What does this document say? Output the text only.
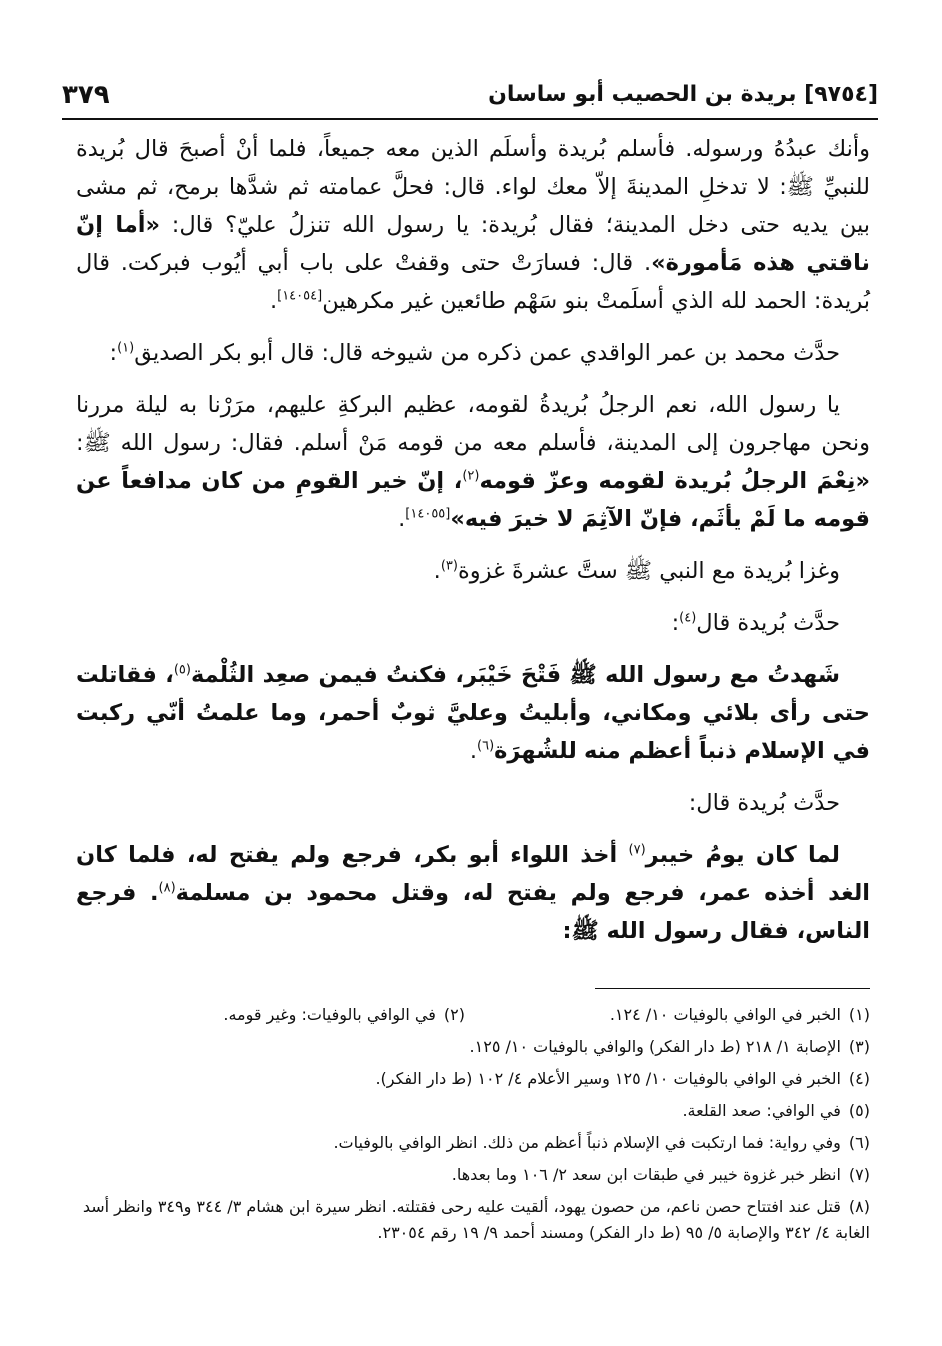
٣٧٩	[٩٧٥٤] بريدة بن الحصيب أبو ساسان

وأنك عبدُهُ ورسوله. فأسلم بُريدة وأسلَم الذين معه جميعاً، فلما أنْ أصبحَ قال بُريدة للنبيِّ ﷺ: لا تدخلِ المدينةَ إلاّ معك لواء. قال: فحلَّ عمامته ثم شدَّها برمح، ثم مشى بين يديه حتى دخل المدينة؛ فقال بُريدة: يا رسول الله تنزلُ عليّ؟ قال: «أما إنّ ناقتي هذه مَأمورة». قال: فسارَتْ حتى وقفتْ على باب أبي أيُوب فبركت. قال بُريدة: الحمد لله الذي أسلَمتْ بنو سَهْم طائعين غير مكرهين[١٤٠٥٤].

حدَّث محمد بن عمر الواقدي عمن ذكره من شيوخه قال: قال أبو بكر الصديق$^{(١)}$:

يا رسول الله، نعم الرجلُ بُريدةُ لقومه، عظيم البركةِ عليهم، مرَرْنا به ليلة مررنا ونحن مهاجرون إلى المدينة، فأسلم معه من قومه مَنْ أسلم. فقال: رسول الله ﷺ: «نِعْمَ الرجلُ بُريدة لقومه وعزّ قومه$^{(٢)}$، إنّ خير القومِ من كان مدافعاً عن قومه ما لَمْ يأثَم، فإنّ الآثِمَ لا خيرَ فيه»[١٤٠٥٥].

وغزا بُريدة مع النبي ﷺ ستَّ عشرةَ غزوة$^{(٣)}$.

حدَّث بُريدة قال$^{(٤)}$:

شَهدتُ مع رسول الله ﷺ فَتْحَ خَيْبَر، فكنتُ فيمن صعِد الثُلْمة$^{(٥)}$، فقاتلت حتى رأى بلائي ومكاني، وأبليتُ وعليَّ ثوبٌ أحمر، وما علمتُ أنّي ركبت في الإسلام ذنباً أعظم منه للشُهرَة$^{(٦)}$.

حدَّث بُريدة قال:

لما كان يومُ خيبر$^{(٧)}$ أخذ اللواء أبو بكر، فرجع ولم يفتح له، فلما كان الغد أخذه عمر، فرجع ولم يفتح له، وقتل محمود بن مسلمة$^{(٨)}$. فرجع الناس، فقال رسول الله ﷺ:

(١)الخبر في الوافي بالوفيات ١٠/ ١٢٤.
(٢)في الوافي بالوفيات: وغير قومه.
(٣)الإصابة ١/ ٢١٨ (ط دار الفكر) والوافي بالوفيات ١٠/ ١٢٥.
(٤)الخبر في الوافي بالوفيات ١٠/ ١٢٥ وسير الأعلام ٤/ ١٠٢ (ط دار الفكر).
(٥)في الوافي: صعد القلعة.
(٦)وفي رواية: فما ارتكبت في الإسلام ذنباً أعظم من ذلك. انظر الوافي بالوفيات.
(٧)انظر خبر غزوة خيبر في طبقات ابن سعد ٢/ ١٠٦ وما بعدها.
(٨)قتل عند افتتاح حصن ناعم، من حصون يهود، ألقيت عليه رحى فقتلته. انظر سيرة ابن هشام ٣/ ٣٤٤ و٣٤٩ وانظر أسد الغابة ٤/ ٣٤٢ والإصابة ٥/ ٩٥ (ط دار الفكر) ومسند أحمد ٩/ ١٩ رقم ٢٣٠٥٤.
